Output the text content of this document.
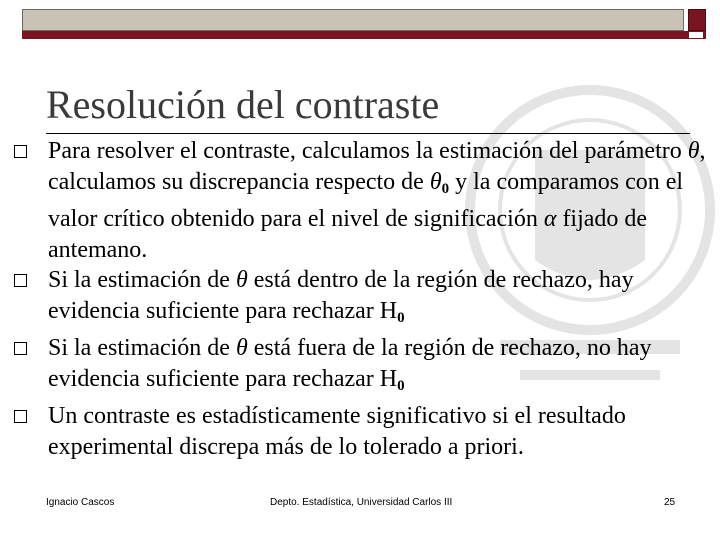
Resolución del contraste
Para resolver el contraste, calculamos la estimación del parámetro θ, calculamos su discrepancia respecto de $\theta_0$ y la comparamos con el valor crítico obtenido para el nivel de significación α fijado de antemano.
Si la estimación de θ está dentro de la región de rechazo, hay evidencia suficiente para rechazar $H_0$
Si la estimación de θ está fuera de la región de rechazo, no hay evidencia suficiente para rechazar $H_0$
Un contraste es estadísticamente significativo si el resultado experimental discrepa más de lo tolerado a priori.
Ignacio Cascos	Depto. Estadística, Universidad Carlos III	25
